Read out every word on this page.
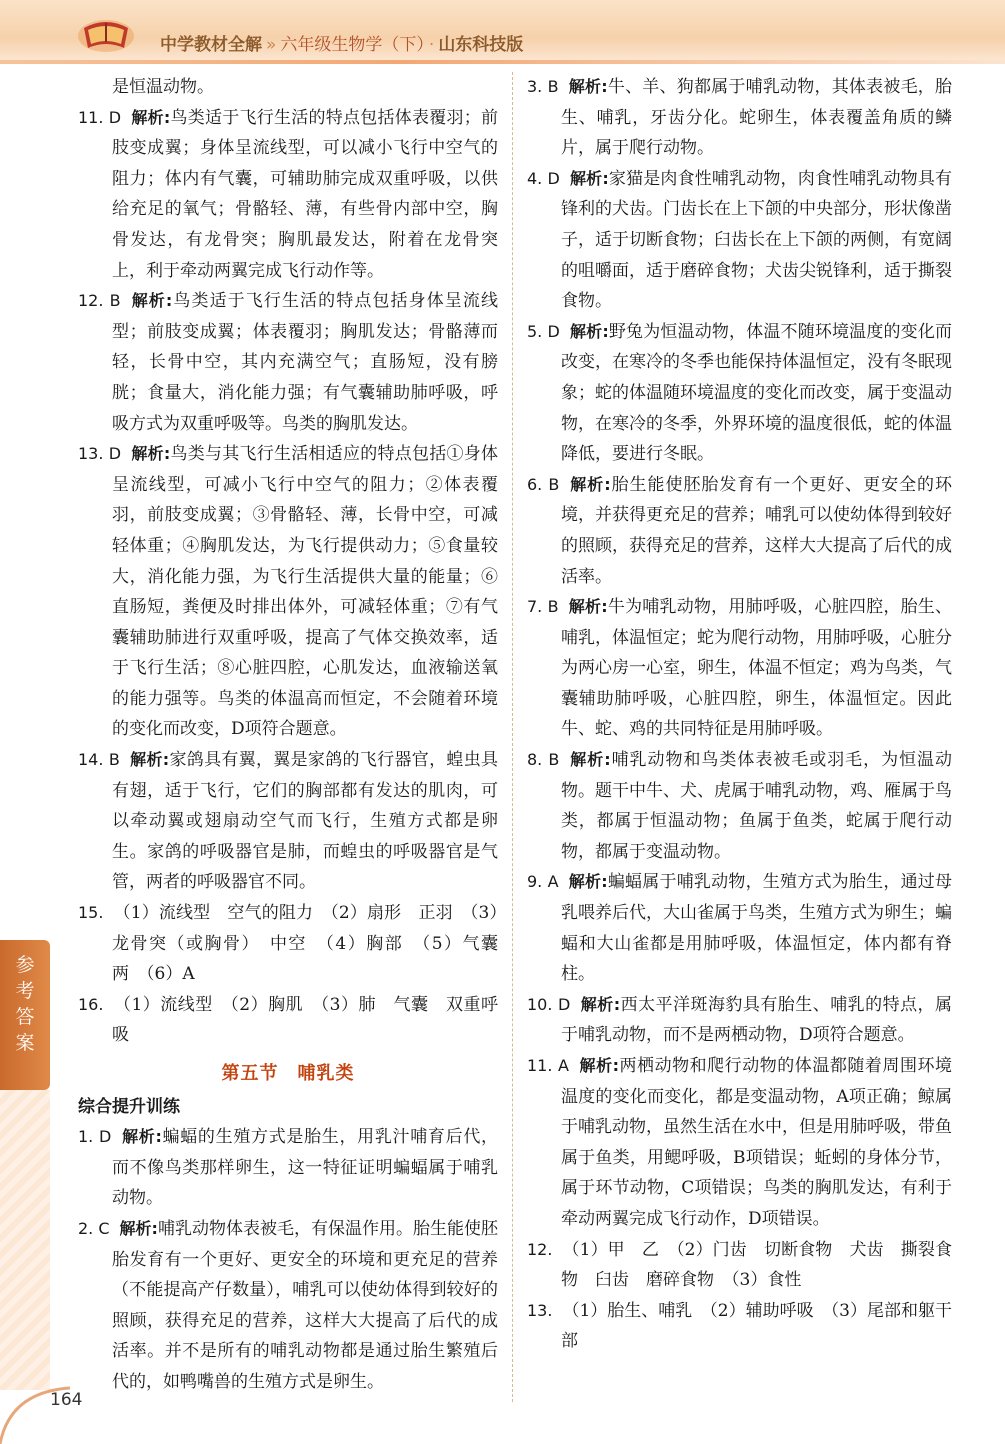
中学教材全解 » 六年级生物学（下） · 山东科技版

是恒温动物。

11. D 解析:鸟类适于飞行生活的特点包括体表覆羽；前肢变成翼；身体呈流线型，可以减小飞行中空气的阻力；体内有气囊，可辅助肺完成双重呼吸，以供给充足的氧气；骨骼轻、薄，有些骨内部中空，胸骨发达，有龙骨突；胸肌最发达，附着在龙骨突上，利于牵动两翼完成飞行动作等。

12. B 解析:鸟类适于飞行生活的特点包括身体呈流线型；前肢变成翼；体表覆羽；胸肌发达；骨骼薄而轻，长骨中空，其内充满空气；直肠短，没有膀胱；食量大，消化能力强；有气囊辅助肺呼吸，呼吸方式为双重呼吸等。鸟类的胸肌发达。

13. D 解析:鸟类与其飞行生活相适应的特点包括①身体呈流线型，可减小飞行中空气的阻力；②体表覆羽，前肢变成翼；③骨骼轻、薄，长骨中空，可减轻体重；④胸肌发达，为飞行提供动力；⑤食量较大，消化能力强，为飞行生活提供大量的能量；⑥直肠短，粪便及时排出体外，可减轻体重；⑦有气囊辅助肺进行双重呼吸，提高了气体交换效率，适于飞行生活；⑧心脏四腔，心肌发达，血液输送氧的能力强等。鸟类的体温高而恒定，不会随着环境的变化而改变，D项符合题意。

14. B 解析:家鸽具有翼，翼是家鸽的飞行器官，蝗虫具有翅，适于飞行，它们的胸部都有发达的肌肉，可以牵动翼或翅扇动空气而飞行，生殖方式都是卵生。家鸽的呼吸器官是肺，而蝗虫的呼吸器官是气管，两者的呼吸器官不同。

15. （1）流线型　空气的阻力　（2）扇形　正羽　（3）龙骨突（或胸骨）　中空　（4）胸部　（5）气囊　两　（6）A

16. （1）流线型　（2）胸肌　（3）肺　气囊　双重呼吸

第五节　哺乳类

综合提升训练

1. D 解析:蝙蝠的生殖方式是胎生，用乳汁哺育后代，而不像鸟类那样卵生，这一特征证明蝙蝠属于哺乳动物。

2. C 解析:哺乳动物体表被毛，有保温作用。胎生能使胚胎发育有一个更好、更安全的环境和更充足的营养（不能提高产仔数量），哺乳可以使幼体得到较好的照顾，获得充足的营养，这样大大提高了后代的成活率。并不是所有的哺乳动物都是通过胎生繁殖后代的，如鸭嘴兽的生殖方式是卵生。

3. B 解析:牛、羊、狗都属于哺乳动物，其体表被毛，胎生、哺乳，牙齿分化。蛇卵生，体表覆盖角质的鳞片，属于爬行动物。

4. D 解析:家猫是肉食性哺乳动物，肉食性哺乳动物具有锋利的犬齿。门齿长在上下颌的中央部分，形状像凿子，适于切断食物；臼齿长在上下颌的两侧，有宽阔的咀嚼面，适于磨碎食物；犬齿尖锐锋利，适于撕裂食物。

5. D 解析:野兔为恒温动物，体温不随环境温度的变化而改变，在寒冷的冬季也能保持体温恒定，没有冬眠现象；蛇的体温随环境温度的变化而改变，属于变温动物，在寒冷的冬季，外界环境的温度很低，蛇的体温降低，要进行冬眠。

6. B 解析:胎生能使胚胎发育有一个更好、更安全的环境，并获得更充足的营养；哺乳可以使幼体得到较好的照顾，获得充足的营养，这样大大提高了后代的成活率。

7. B 解析:牛为哺乳动物，用肺呼吸，心脏四腔，胎生、哺乳，体温恒定；蛇为爬行动物，用肺呼吸，心脏分为两心房一心室，卵生，体温不恒定；鸡为鸟类，气囊辅助肺呼吸，心脏四腔，卵生，体温恒定。因此牛、蛇、鸡的共同特征是用肺呼吸。

8. B 解析:哺乳动物和鸟类体表被毛或羽毛，为恒温动物。题干中牛、犬、虎属于哺乳动物，鸡、雁属于鸟类，都属于恒温动物；鱼属于鱼类，蛇属于爬行动物，都属于变温动物。

9. A 解析:蝙蝠属于哺乳动物，生殖方式为胎生，通过母乳喂养后代，大山雀属于鸟类，生殖方式为卵生；蝙蝠和大山雀都是用肺呼吸，体温恒定，体内都有脊柱。

10. D 解析:西太平洋斑海豹具有胎生、哺乳的特点，属于哺乳动物，而不是两栖动物，D项符合题意。

11. A 解析:两栖动物和爬行动物的体温都随着周围环境温度的变化而变化，都是变温动物，A项正确；鲸属于哺乳动物，虽然生活在水中，但是用肺呼吸，带鱼属于鱼类，用鳃呼吸，B项错误；蚯蚓的身体分节，属于环节动物，C项错误；鸟类的胸肌发达，有利于牵动两翼完成飞行动作，D项错误。

12. （1）甲　乙　（2）门齿　切断食物　犬齿　撕裂食物　臼齿　磨碎食物　（3）食性

13. （1）胎生、哺乳　（2）辅助呼吸　（3）尾部和躯干部

参考答案
164
